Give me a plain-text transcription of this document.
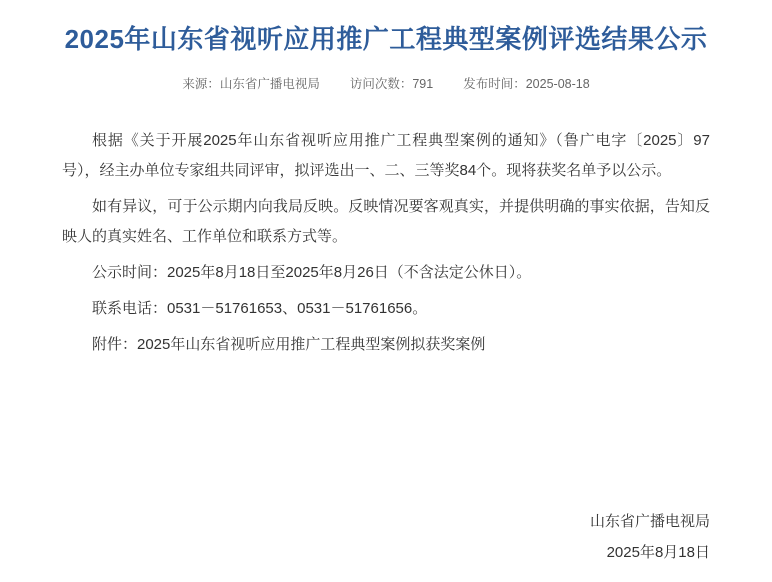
2025年山东省视听应用推广工程典型案例评选结果公示
来源：山东省广播电视局 访问次数：791 发布时间：2025-08-18

根据《关于开展2025年山东省视听应用推广工程典型案例的通知》（鲁广电字〔2025〕97号），经主办单位专家组共同评审，拟评选出一、二、三等奖84个。现将获奖名单予以公示。

如有异议，可于公示期内向我局反映。反映情况要客观真实，并提供明确的事实依据，告知反映人的真实姓名、工作单位和联系方式等。

公示时间：2025年8月18日至2025年8月26日（不含法定公休日）。

联系电话：0531－51761653、0531－51761656。

附件：2025年山东省视听应用推广工程典型案例拟获奖案例

山东省广播电视局
2025年8月18日
